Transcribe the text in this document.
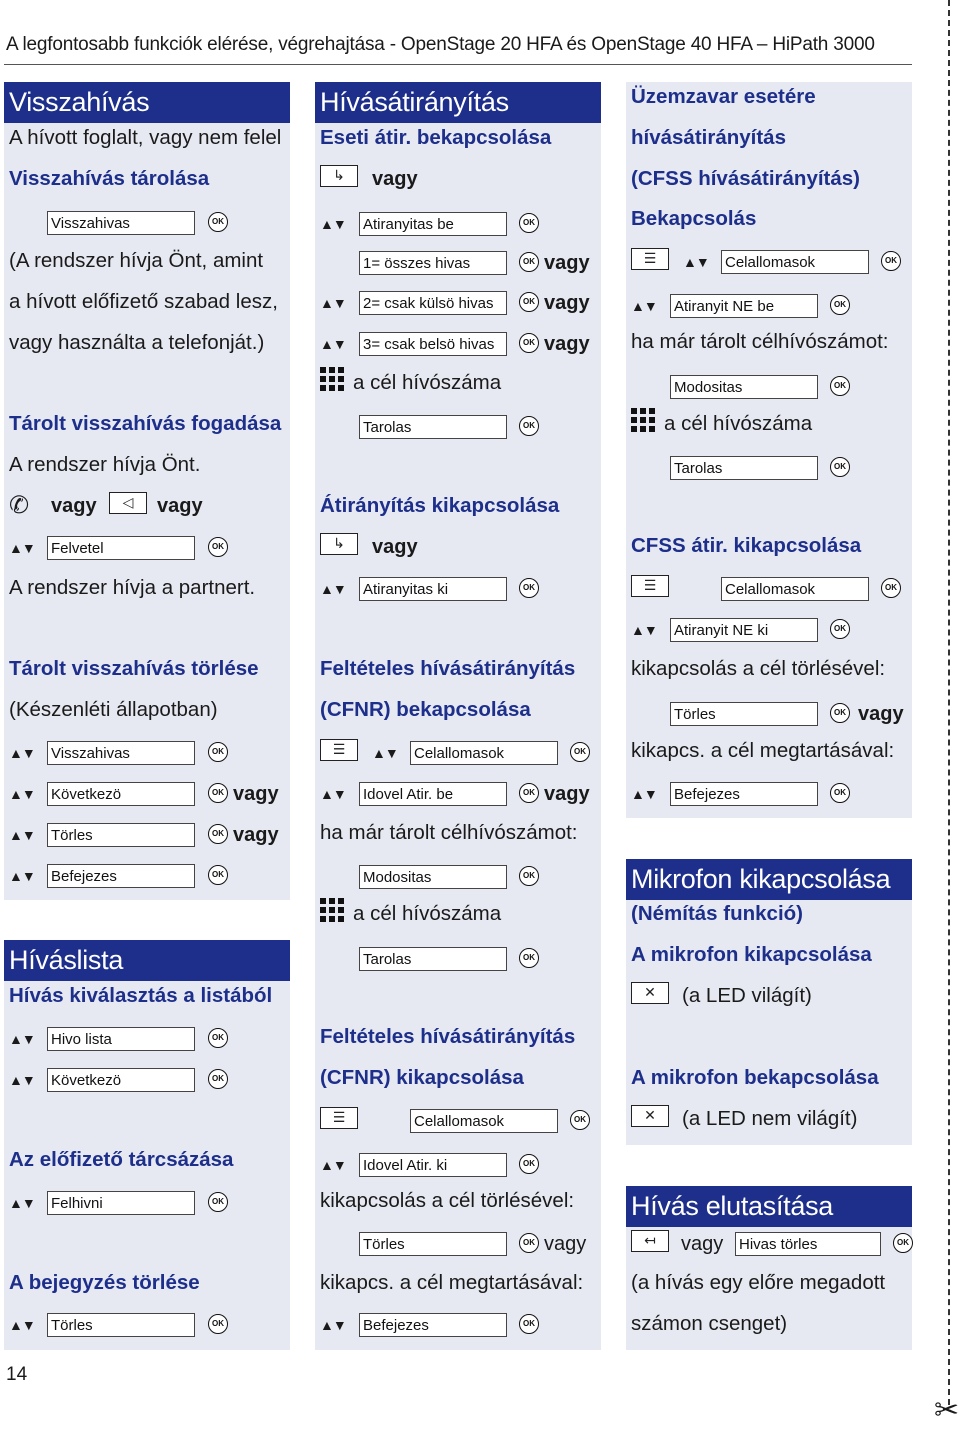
A legfontosabb funkciók elérése, végrehajtása - OpenStage 20 HFA és OpenStage 40 HFA – HiPath 3000
✂
14
Visszahívás
A hívott foglalt, vagy nem felel
Visszahívás tárolása
Visszahivas	OK
(A rendszer hívja Önt, amint
a hívott előfizető szabad lesz,
vagy használta a telefonját.)
Tárolt visszahívás fogadása
A rendszer hívja Önt.
✆ vagy	◁	vagy
▲▼ Felvetel	OK
A rendszer hívja a partnert.
Tárolt visszahívás törlése
(Készenléti állapotban)
▲▼ Visszahivas	OK
▲▼ Következö	OK vagy
▲▼ Törles	OK vagy
▲▼ Befejezes	OK
Híváslista
Hívás kiválasztás a listából
▲▼ Hivo lista	OK
▲▼ Következö	OK
Az előfizető tárcsázása
▲▼ Felhivni	OK
A bejegyzés törlése
▲▼ Törles	OK
Hívásátirányítás
Eseti átir. bekapcsolása
↳	vagy
▲▼ Atiranyitas be	OK
1= összes hivas	OK vagy
▲▼ 2= csak külsö hivas	OK vagy
▲▼ 3= csak belsö hivas	OK vagy
a cél hívószáma
Tarolas	OK
Átirányítás kikapcsolása
↳	vagy
▲▼ Atiranyitas ki	OK
Feltételes hívásátirányítás
(CFNR) bekapcsolása
☰	▲▼ Celallomasok	OK
▲▼ Idovel Atir. be	OK vagy
ha már tárolt célhívószámot:
Modositas	OK
a cél hívószáma
Tarolas	OK
Feltételes hívásátirányítás
(CFNR) kikapcsolása
☰	Celallomasok	OK
▲▼ Idovel Atir. ki	OK
kikapcsolás a cél törlésével:
Törles	OK vagy
kikapcs. a cél megtartásával:
▲▼ Befejezes	OK
Üzemzavar esetére
hívásátirányítás
(CFSS hívásátirányítás)
Bekapcsolás
☰	▲▼ Celallomasok	OK
▲▼ Atiranyit NE be	OK
ha már tárolt célhívószámot:
Modositas	OK
a cél hívószáma
Tarolas	OK
CFSS átir. kikapcsolása
☰	Celallomasok	OK
▲▼ Atiranyit NE ki	OK
kikapcsolás a cél törlésével:
Törles	OK vagy
kikapcs. a cél megtartásával:
▲▼ Befejezes	OK
Mikrofon kikapcsolása
(Némítás funkció)
A mikrofon kikapcsolása
✕	(a LED világít)
A mikrofon bekapcsolása
✕	(a LED nem világít)
Hívás elutasítása
↤	vagy Hivas törles	OK
(a hívás egy előre megadott
számon csenget)
